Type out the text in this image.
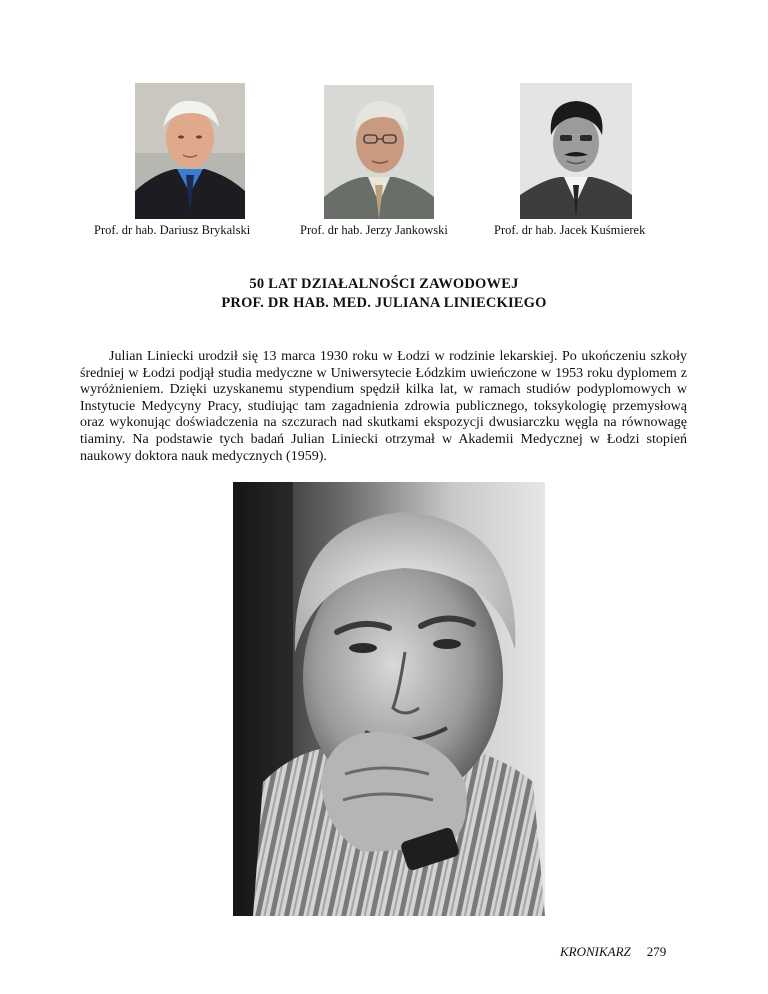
Prof. dr hab. Dariusz Brykalski	Prof. dr hab. Jerzy Jankowski	Prof. dr hab. Jacek Kuśmierek
50 LAT DZIAŁALNOŚCI ZAWODOWEJ
PROF. DR HAB. MED. JULIANA LINIECKIEGO

Julian Liniecki urodził się 13 marca 1930 roku w Łodzi w rodzinie lekarskiej. Po ukończeniu szkoły średniej w Łodzi podjął studia medyczne w Uniwersytecie Łódzkim uwieńczone w 1953 roku dyplomem z wyróżnieniem. Dzięki uzyskanemu stypendium spędził kilka lat, w ramach studiów podyplomowych w Instytucie Medycyny Pracy, studiując tam zagadnienia zdrowia publicznego, toksykologię przemysłową oraz wykonując doświadczenia na szczurach nad skutkami ekspozycji dwusiarczku węgla na równowagę tiaminy. Na podstawie tych badań Julian Liniecki otrzymał w Akademii Medycznej w Łodzi stopień naukowy doktora nauk medycznych (1959).

KRONIKARZ 279
